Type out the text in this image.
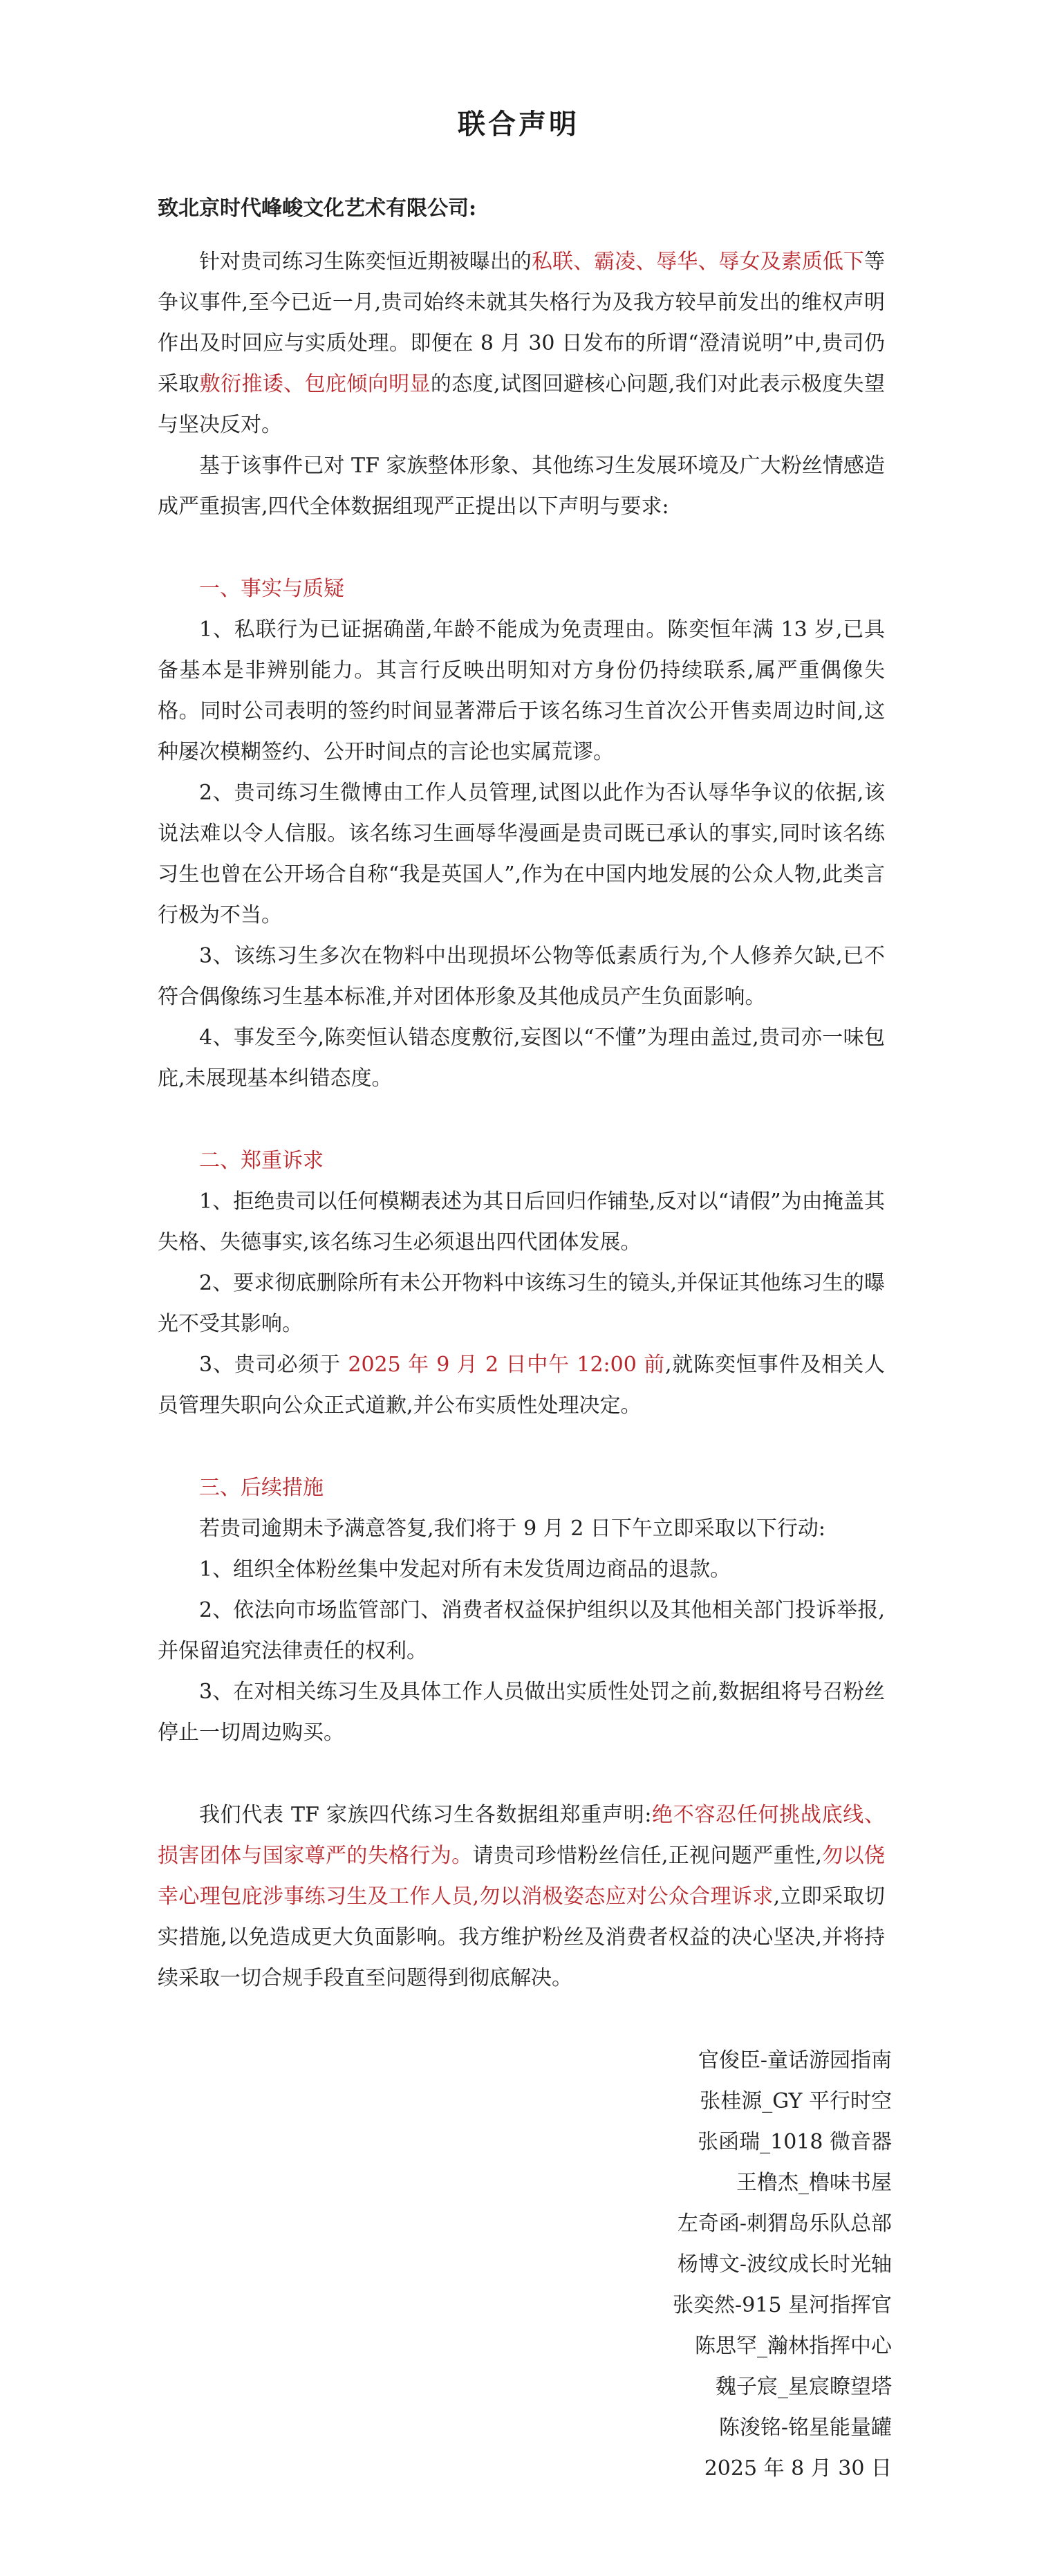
联合声明

致北京时代峰峻文化艺术有限公司:

针对贵司练习生陈奕恒近期被曝出的私联、霸凌、辱华、辱女及素质低下等争议事件,至今已近一月,贵司始终未就其失格行为及我方较早前发出的维权声明作出及时回应与实质处理。即便在 8 月 30 日发布的所谓“澄清说明”中,贵司仍采取敷衍推诿、包庇倾向明显的态度,试图回避核心问题,我们对此表示极度失望与坚决反对。

基于该事件已对 TF 家族整体形象、其他练习生发展环境及广大粉丝情感造成严重损害,四代全体数据组现严正提出以下声明与要求:

一、事实与质疑

1、私联行为已证据确凿,年龄不能成为免责理由。陈奕恒年满 13 岁,已具备基本是非辨别能力。其言行反映出明知对方身份仍持续联系,属严重偶像失格。同时公司表明的签约时间显著滞后于该名练习生首次公开售卖周边时间,这种屡次模糊签约、公开时间点的言论也实属荒谬。

2、贵司练习生微博由工作人员管理,试图以此作为否认辱华争议的依据,该说法难以令人信服。该名练习生画辱华漫画是贵司既已承认的事实,同时该名练习生也曾在公开场合自称“我是英国人”,作为在中国内地发展的公众人物,此类言行极为不当。

3、该练习生多次在物料中出现损坏公物等低素质行为,个人修养欠缺,已不符合偶像练习生基本标准,并对团体形象及其他成员产生负面影响。

4、事发至今,陈奕恒认错态度敷衍,妄图以“不懂”为理由盖过,贵司亦一味包庇,未展现基本纠错态度。

二、郑重诉求

1、拒绝贵司以任何模糊表述为其日后回归作铺垫,反对以“请假”为由掩盖其失格、失德事实,该名练习生必须退出四代团体发展。

2、要求彻底删除所有未公开物料中该练习生的镜头,并保证其他练习生的曝光不受其影响。

3、贵司必须于 2025 年 9 月 2 日中午 12:00 前,就陈奕恒事件及相关人员管理失职向公众正式道歉,并公布实质性处理决定。

三、后续措施

若贵司逾期未予满意答复,我们将于 9 月 2 日下午立即采取以下行动:

1、组织全体粉丝集中发起对所有未发货周边商品的退款。

2、依法向市场监管部门、消费者权益保护组织以及其他相关部门投诉举报,并保留追究法律责任的权利。

3、在对相关练习生及具体工作人员做出实质性处罚之前,数据组将号召粉丝停止一切周边购买。

我们代表 TF 家族四代练习生各数据组郑重声明:绝不容忍任何挑战底线、损害团体与国家尊严的失格行为。请贵司珍惜粉丝信任,正视问题严重性,勿以侥幸心理包庇涉事练习生及工作人员,勿以消极姿态应对公众合理诉求,立即采取切实措施,以免造成更大负面影响。我方维护粉丝及消费者权益的决心坚决,并将持续采取一切合规手段直至问题得到彻底解决。

官俊臣-童话游园指南
张桂源_GY 平行时空
张函瑞_1018 微音器
王橹杰_橹味书屋
左奇函-刺猬岛乐队总部
杨博文-波纹成长时光轴
张奕然-915 星河指挥官
陈思罕_瀚林指挥中心
魏子宸_星宸瞭望塔
陈浚铭-铭星能量罐
2025 年 8 月 30 日
